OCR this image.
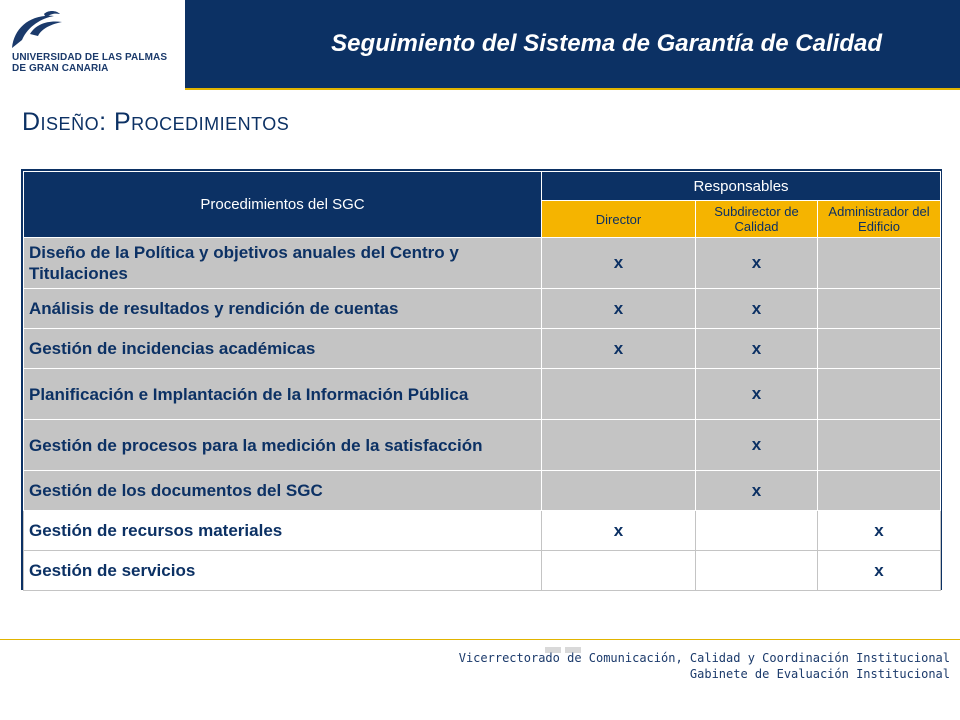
UNIVERSIDAD DE LAS PALMAS
DE GRAN CANARIA
Seguimiento del Sistema de Garantía de Calidad
Diseño: Procedimientos
Procedimientos del SGC	Responsables		
	Director	Subdirector de Calidad	Administrador del Edificio
Diseño de la Política y objetivos anuales del Centro y Titulaciones	x	x	
Análisis de resultados y rendición de cuentas	x	x	
Gestión de incidencias académicas	x	x	
Planificación e Implantación de la Información Pública		x	
Gestión de procesos para la medición de la satisfacción		x	
Gestión de los documentos del SGC		x	
Gestión de recursos materiales	x		x
Gestión de servicios			x
Vicerrectorado de Comunicación, Calidad y Coordinación Institucional
Gabinete de Evaluación Institucional
